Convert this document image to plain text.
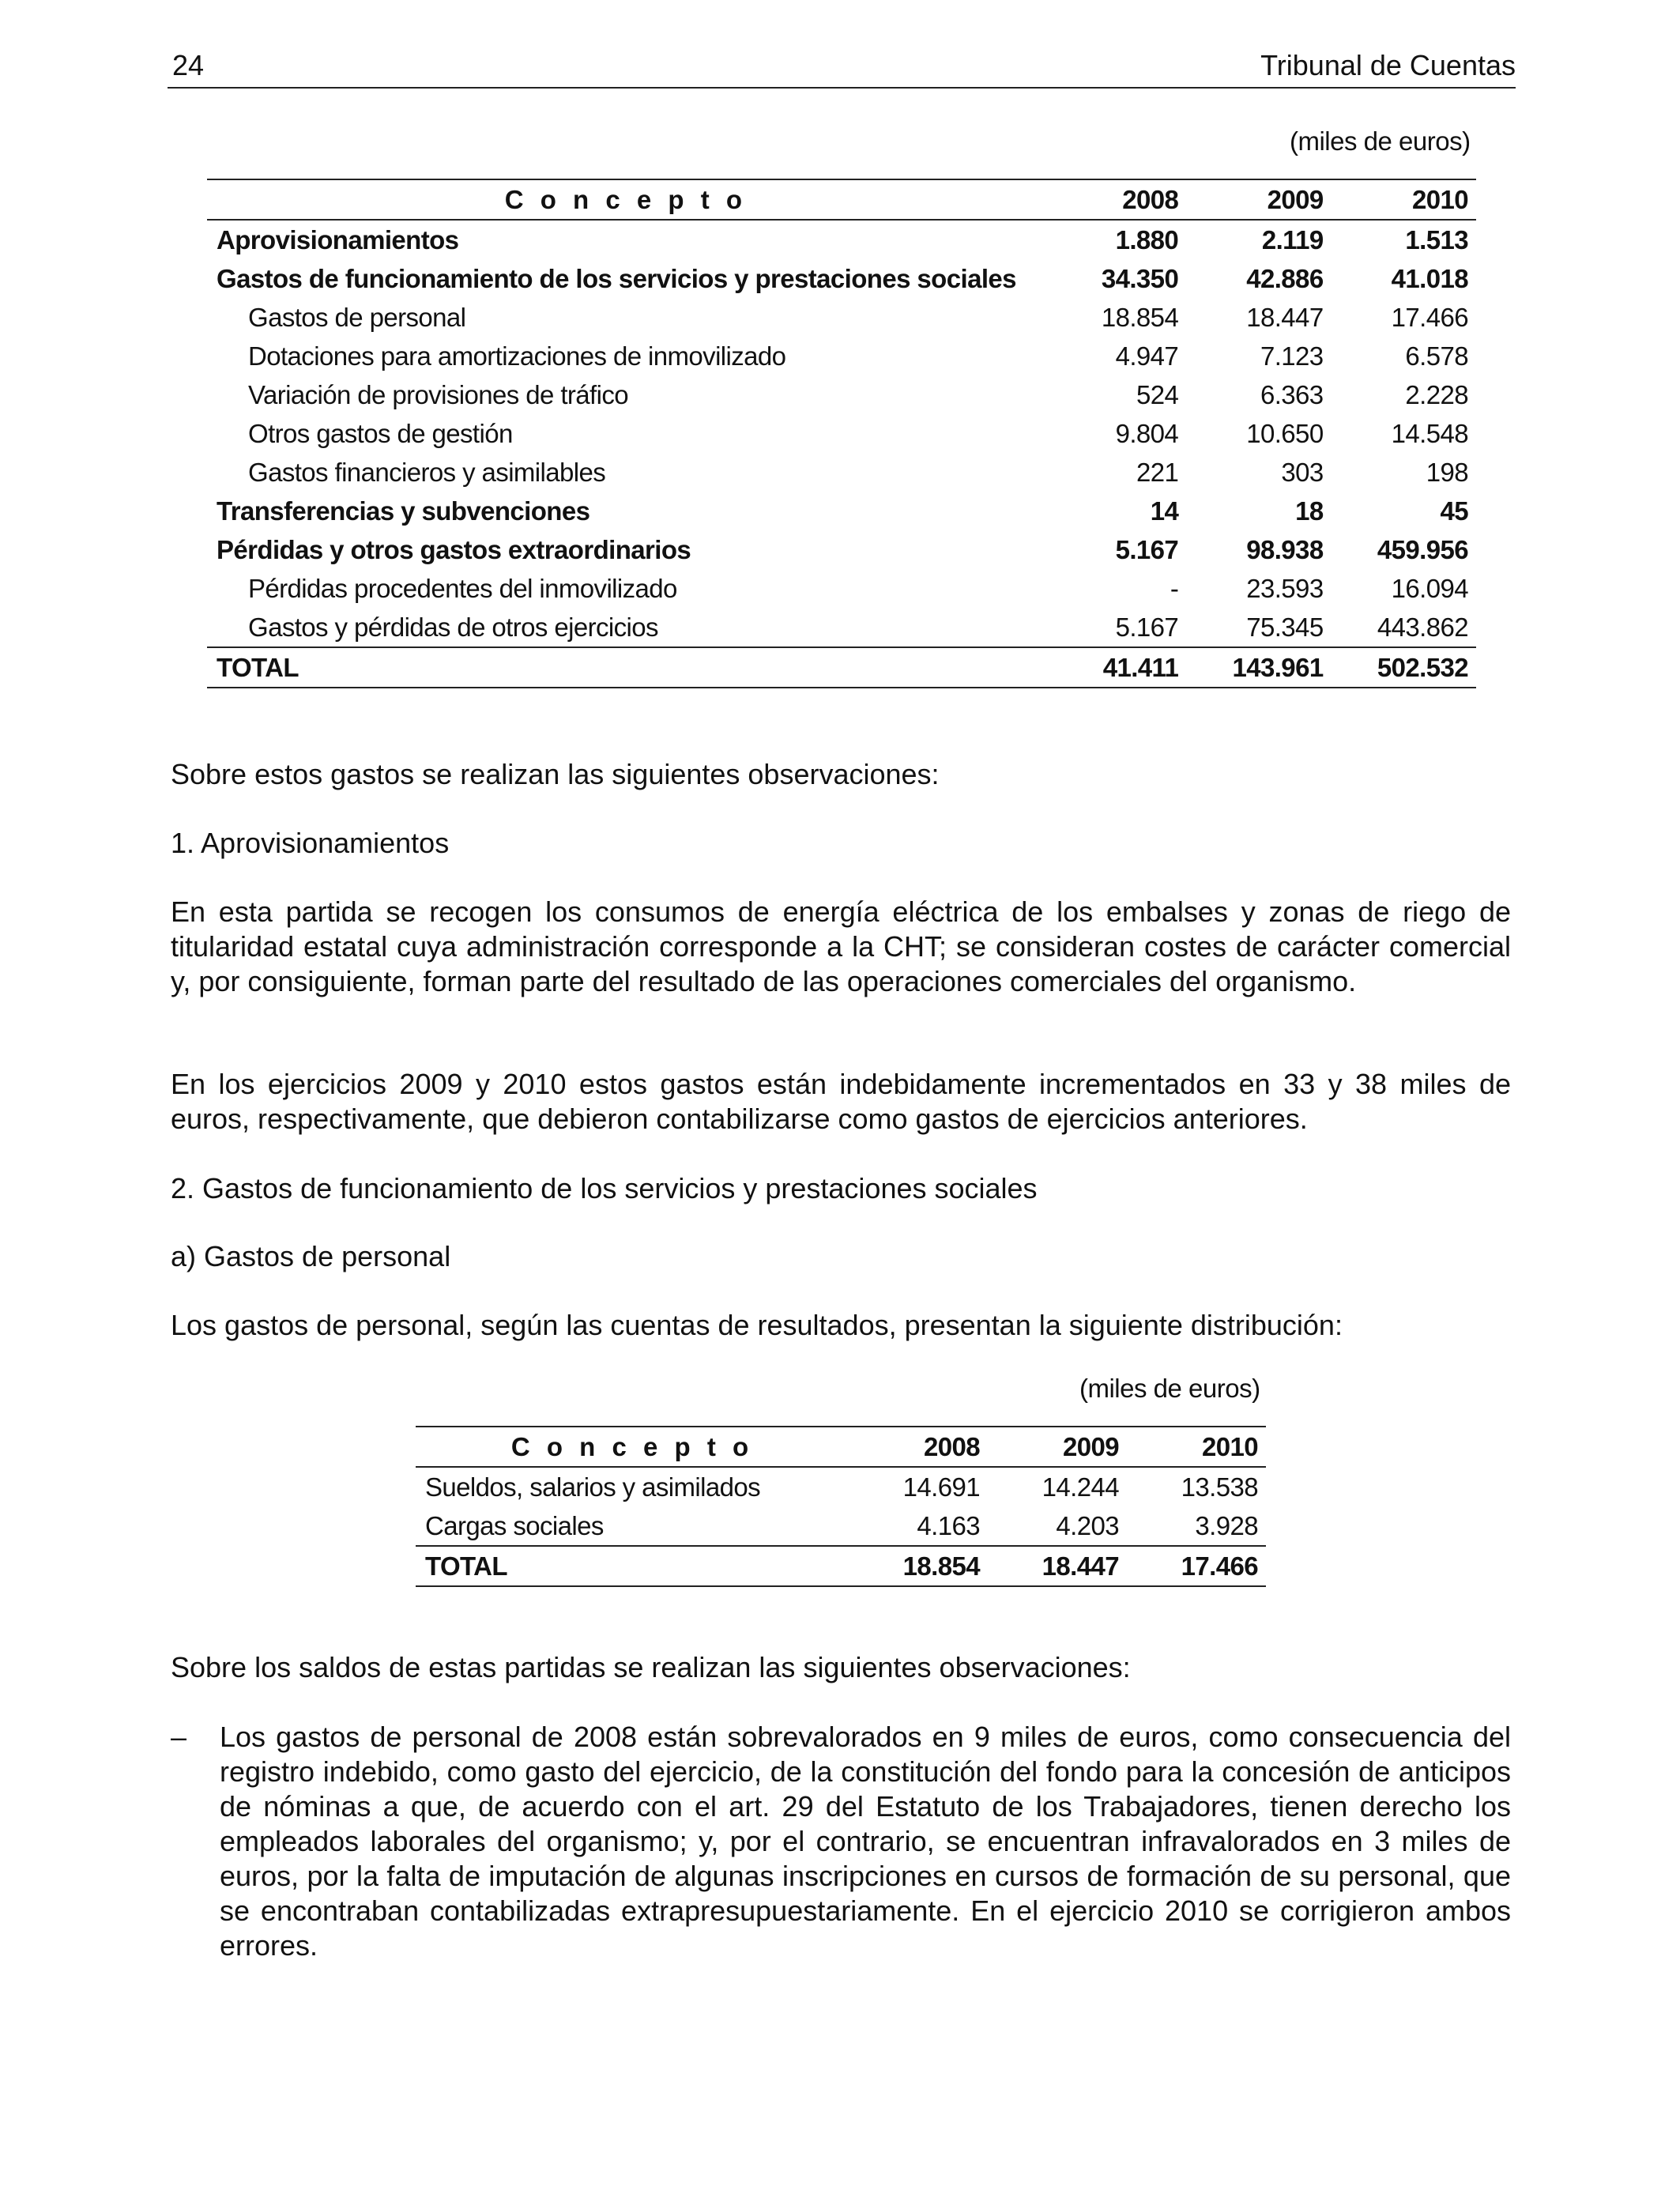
24	Tribunal de Cuentas
(miles de euros)
C o n c e p t o	2008	2009	2010
Aprovisionamientos	1.880	2.119	1.513
Gastos de funcionamiento de los servicios y prestaciones sociales	34.350	42.886	41.018
Gastos de personal	18.854	18.447	17.466
Dotaciones para amortizaciones de inmovilizado	4.947	7.123	6.578
Variación de provisiones de tráfico	524	6.363	2.228
Otros gastos de gestión	9.804	10.650	14.548
Gastos financieros y asimilables	221	303	198
Transferencias y subvenciones	14	18	45
Pérdidas y otros gastos extraordinarios	5.167	98.938	459.956
Pérdidas procedentes del inmovilizado	-	23.593	16.094
Gastos y pérdidas de otros ejercicios	5.167	75.345	443.862
TOTAL	41.411	143.961	502.532
Sobre estos gastos se realizan las siguientes observaciones:
1. Aprovisionamientos
En esta partida se recogen los consumos de energía eléctrica de los embalses y zonas de riego de titularidad estatal cuya administración corresponde a la CHT; se consideran costes de carácter comercial y, por consiguiente, forman parte del resultado de las operaciones comerciales del organismo.
En los ejercicios 2009 y 2010 estos gastos están indebidamente incrementados en 33 y 38 miles de euros, respectivamente, que debieron contabilizarse como gastos de ejercicios anteriores.
2. Gastos de funcionamiento de los servicios y prestaciones sociales
a) Gastos de personal
Los gastos de personal, según las cuentas de resultados, presentan la siguiente distribución:
(miles de euros)
C o n c e p t o	2008	2009	2010
Sueldos, salarios y asimilados	14.691	14.244	13.538
Cargas sociales	4.163	4.203	3.928
TOTAL	18.854	18.447	17.466
Sobre los saldos de estas partidas se realizan las siguientes observaciones:
– Los gastos de personal de 2008 están sobrevalorados en 9 miles de euros, como consecuencia del registro indebido, como gasto del ejercicio, de la constitución del fondo para la concesión de anticipos de nóminas a que, de acuerdo con el art. 29 del Estatuto de los Trabajadores, tienen derecho los empleados laborales del organismo; y, por el contrario, se encuentran infravalorados en 3 miles de euros, por la falta de imputación de algunas inscripciones en cursos de formación de su personal, que se encontraban contabilizadas extrapresupuestariamente. En el ejercicio 2010 se corrigieron ambos errores.
